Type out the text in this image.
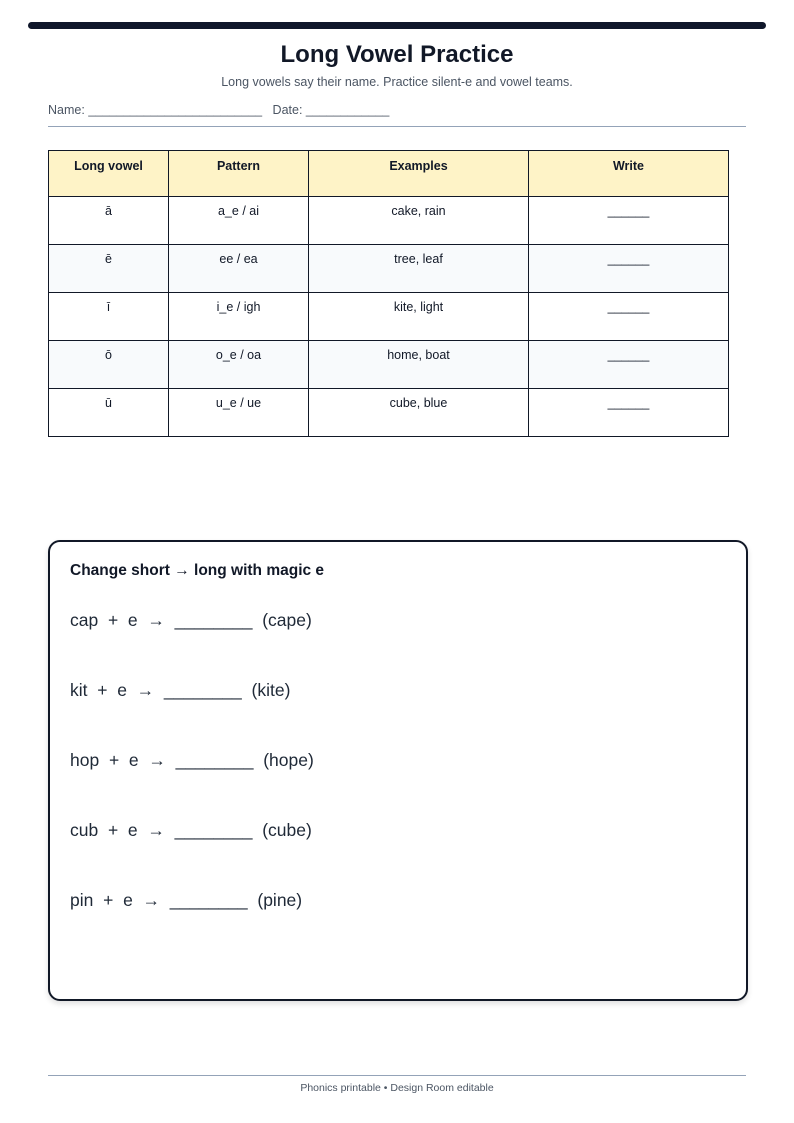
Long Vowel Practice
Long vowels say their name. Practice silent-e and vowel teams.
Name: _________________________ Date: ____________
Long vowel	Pattern	Examples	Write
ā	a_e / ai	cake, rain	______
ē	ee / ea	tree, leaf	______
ī	i_e / igh	kite, light	______
ō	o_e / oa	home, boat	______
ū	u_e / ue	cube, blue	______
Change short → long with magic e
cap + e → ________ (cape)
kit + e → ________ (kite)
hop + e → ________ (hope)
cub + e → ________ (cube)
pin + e → ________ (pine)
Phonics printable • Design Room editable
